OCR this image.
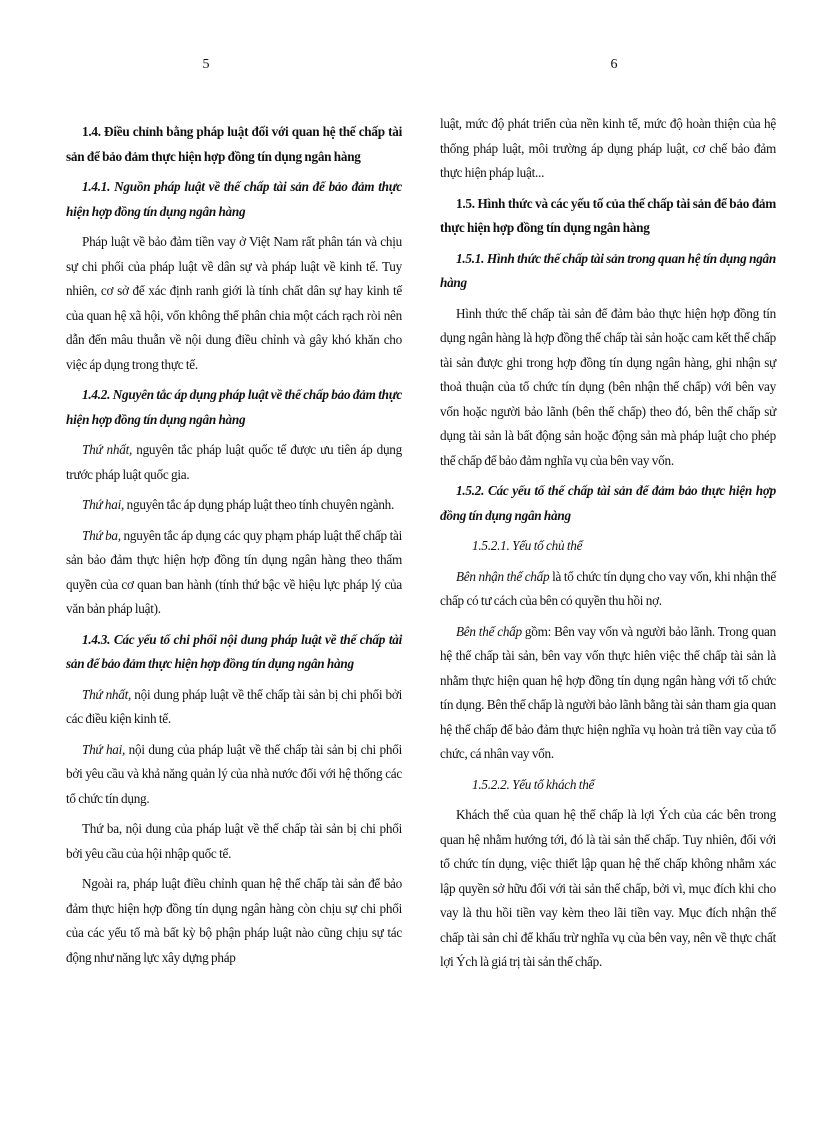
5	6

1.4. Điều chỉnh bằng pháp luật đối với quan hệ thế chấp tài sản để bảo đảm thực hiện hợp đồng tín dụng ngân hàng

1.4.1. Nguồn pháp luật về thế chấp tài sản để bảo đảm thực hiện hợp đồng tín dụng ngân hàng

Pháp luật về bảo đảm tiền vay ở Việt Nam rất phân tán và chịu sự chi phối của pháp luật về dân sự và pháp luật về kinh tế. Tuy nhiên, cơ sở để xác định ranh giới là tính chất dân sự hay kinh tế của quan hệ xã hội, vốn không thể phân chia một cách rạch ròi nên dẫn đến mâu thuẫn về nội dung điều chỉnh và gây khó khăn cho việc áp dụng trong thực tế.

1.4.2. Nguyên tắc áp dụng pháp luật về thế chấp bảo đảm thực hiện hợp đồng tín dụng ngân hàng

Thứ nhất, nguyên tắc pháp luật quốc tế được ưu tiên áp dụng trước pháp luật quốc gia.

Thứ hai, nguyên tắc áp dụng pháp luật theo tính chuyên ngành.

Thứ ba, nguyên tắc áp dụng các quy phạm pháp luật thế chấp tài sản bảo đảm thực hiện hợp đồng tín dụng ngân hàng theo thẩm quyền của cơ quan ban hành (tính thứ bậc về hiệu lực pháp lý của văn bản pháp luật).

1.4.3. Các yếu tố chi phối nội dung pháp luật về thế chấp tài sản để bảo đảm thực hiện hợp đồng tín dụng ngân hàng

Thứ nhất, nội dung pháp luật về thế chấp tài sản bị chi phối bởi các điều kiện kinh tế.

Thứ hai, nội dung của pháp luật về thế chấp tài sản bị chi phối bởi yêu cầu và khả năng quản lý của nhà nước đối với hệ thống các tổ chức tín dụng.

Thứ ba, nội dung của pháp luật về thế chấp tài sản bị chi phối bởi yêu cầu của hội nhập quốc tế.

Ngoài ra, pháp luật điều chỉnh quan hệ thế chấp tài sản để bảo đảm thực hiện hợp đồng tín dụng ngân hàng còn chịu sự chi phối của các yếu tố mà bất kỳ bộ phận pháp luật nào cũng chịu sự tác động như năng lực xây dựng pháp

luật, mức độ phát triển của nền kinh tế, mức độ hoàn thiện của hệ thống pháp luật, môi trường áp dụng pháp luật, cơ chế bảo đảm thực hiện pháp luật...

1.5. Hình thức và các yếu tố của thế chấp tài sản để bảo đảm thực hiện hợp đồng tín dụng ngân hàng

1.5.1. Hình thức thế chấp tài sản trong quan hệ tín dụng ngân hàng

Hình thức thế chấp tài sản để đảm bảo thực hiện hợp đồng tín dụng ngân hàng là hợp đồng thế chấp tài sản hoặc cam kết thế chấp tài sản được ghi trong hợp đồng tín dụng ngân hàng, ghi nhận sự thoả thuận của tổ chức tín dụng (bên nhận thế chấp) với bên vay vốn hoặc người bảo lãnh (bên thế chấp) theo đó, bên thế chấp sử dụng tài sản là bất động sản hoặc động sản mà pháp luật cho phép thế chấp để bảo đảm nghĩa vụ của bên vay vốn.

1.5.2. Các yếu tố thế chấp tài sản để đảm bảo thực hiện hợp đồng tín dụng ngân hàng

1.5.2.1. Yếu tố chủ thể

Bên nhận thế chấp là tổ chức tín dụng cho vay vốn, khi nhận thế chấp có tư cách của bên có quyền thu hồi nợ.

Bên thế chấp gồm: Bên vay vốn và người bảo lãnh. Trong quan hệ thế chấp tài sản, bên vay vốn thực hiên việc thế chấp tài sản là nhằm thực hiện quan hệ hợp đồng tín dụng ngân hàng với tổ chức tín dụng. Bên thế chấp là người bảo lãnh bằng tài sản tham gia quan hệ thế chấp để bảo đảm thực hiện nghĩa vụ hoàn trả tiền vay của tổ chức, cá nhân vay vốn.

1.5.2.2. Yếu tố khách thể

Khách thể của quan hệ thế chấp là lợi Ých của các bên trong quan hệ nhằm hướng tới, đó là tài sản thế chấp. Tuy nhiên, đối với tổ chức tín dụng, việc thiết lập quan hệ thế chấp không nhằm xác lập quyền sở hữu đối với tài sản thế chấp, bởi vì, mục đích khi cho vay là thu hồi tiền vay kèm theo lãi tiền vay. Mục đích nhận thế chấp tài sản chỉ để khấu trừ nghĩa vụ của bên vay, nên về thực chất lợi Ých là giá trị tài sản thế chấp.
